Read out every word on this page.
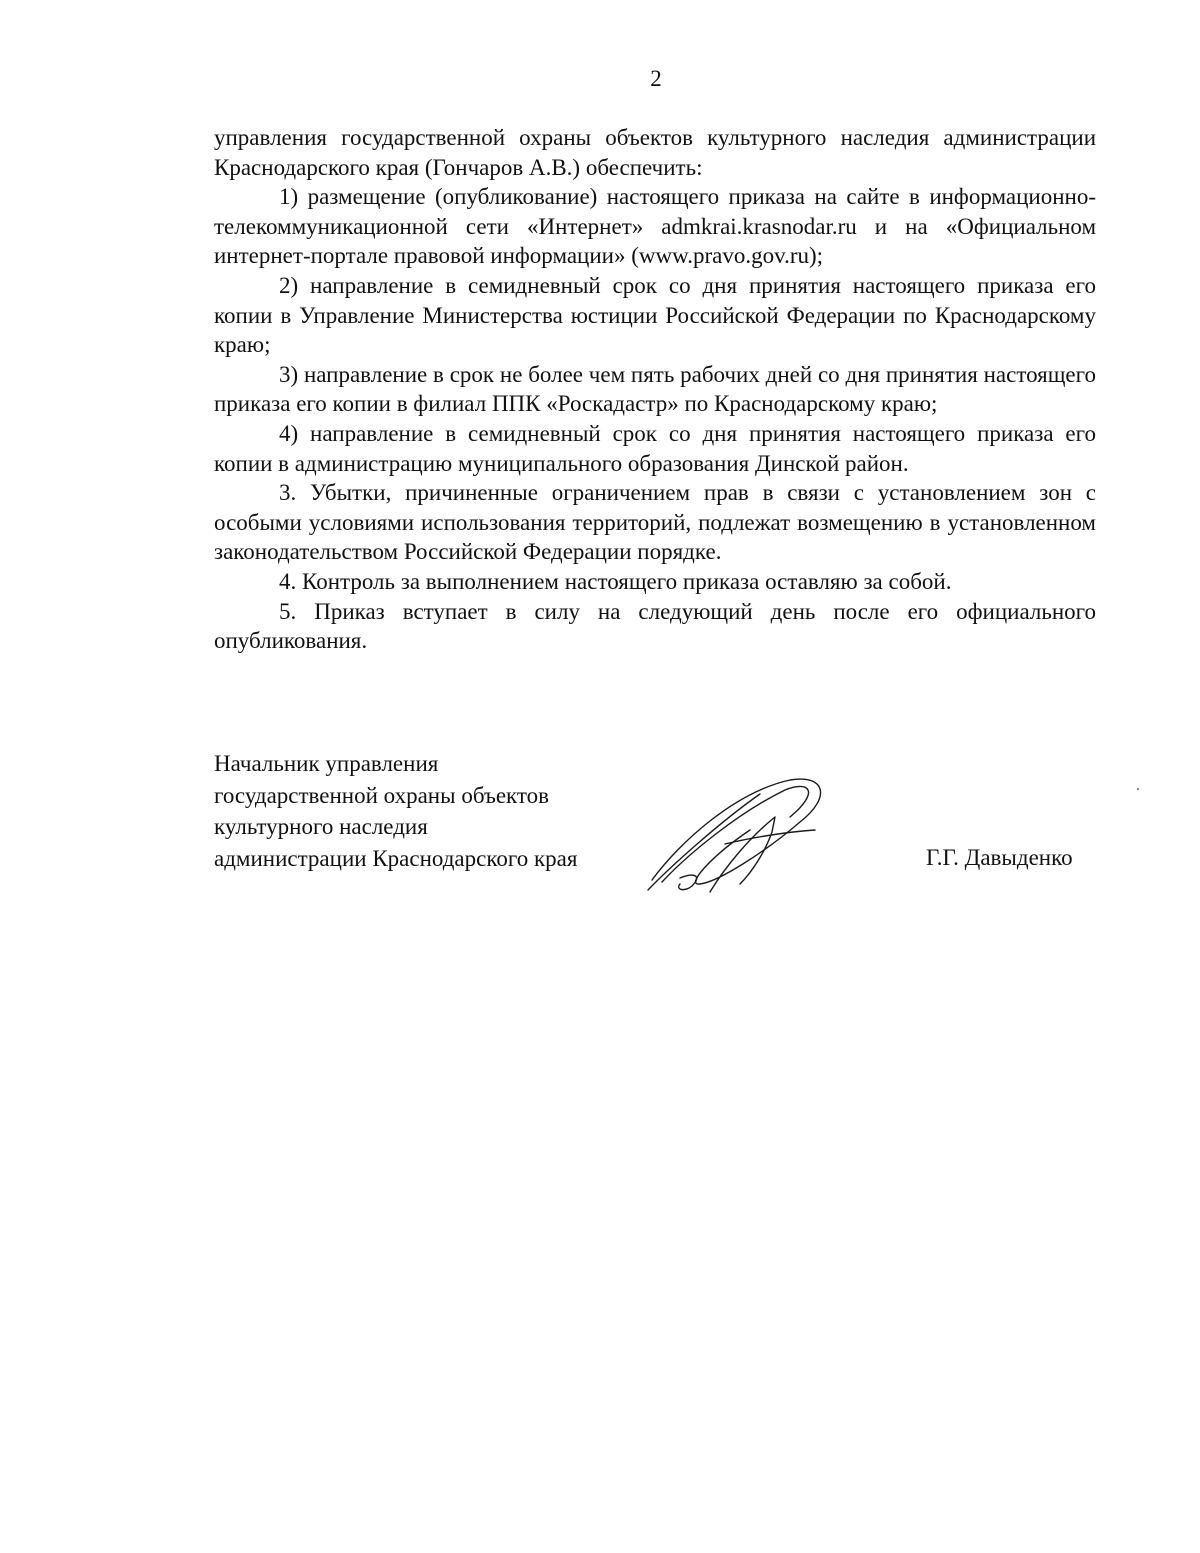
2

управления государственной охраны объектов культурного наследия администрации Краснодарского края (Гончаров А.В.) обеспечить:

1) размещение (опубликование) настоящего приказа на сайте в информационно-телекоммуникационной сети «Интернет» admkrai.krasnodar.ru и на «Официальном интернет-портале правовой информации» (www.pravo.gov.ru);

2) направление в семидневный срок со дня принятия настоящего приказа его копии в Управление Министерства юстиции Российской Федерации по Краснодарскому краю;

3) направление в срок не более чем пять рабочих дней со дня принятия настоящего приказа его копии в филиал ППК «Роскадастр» по Краснодарскому краю;

4) направление в семидневный срок со дня принятия настоящего приказа его копии в администрацию муниципального образования Динской район.

3. Убытки, причиненные ограничением прав в связи с установлением зон с особыми условиями использования территорий, подлежат возмещению в установленном законодательством Российской Федерации порядке.

4. Контроль за выполнением настоящего приказа оставляю за собой.

5. Приказ вступает в силу на следующий день после его официального опубликования.

Начальник управления
государственной охраны объектов
культурного наследия
администрации Краснодарского края	Г.Г. Давыденко
